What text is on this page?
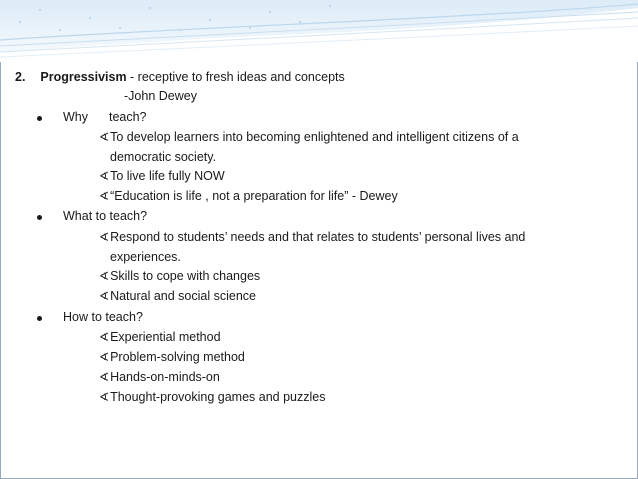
2. Progressivism - receptive to fresh ideas and concepts
-John Dewey
Why teach?
∢To develop learners into becoming enlightened and intelligent citizens of a
democratic society.
∢To live life fully NOW
∢“Education is life , not a preparation for life” - Dewey
What to teach?
∢Respond to students’ needs and that relates to students’ personal lives and
experiences.
∢Skills to cope with changes
∢Natural and social science
How to teach?
∢Experiential method
∢Problem-solving method
∢Hands-on-minds-on
∢Thought-provoking games and puzzles
